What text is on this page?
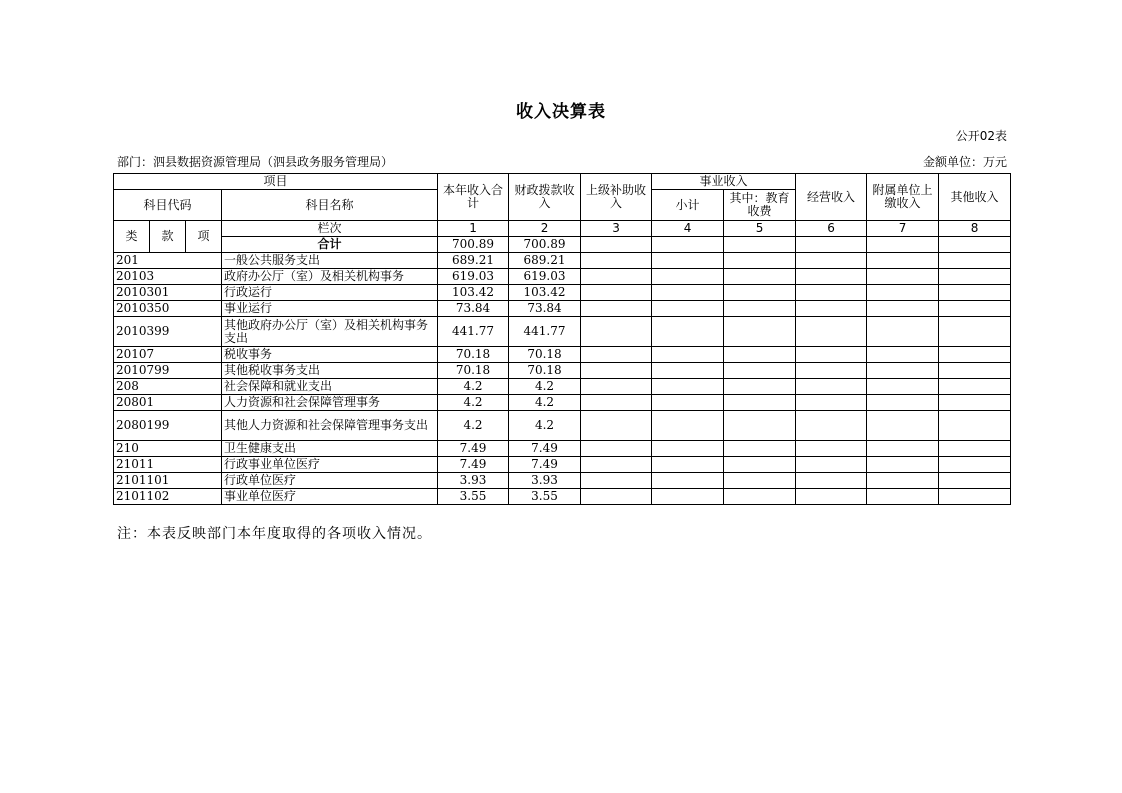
收入决算表
公开02表
部门：泗县数据资源管理局（泗县政务服务管理局）	金额单位：万元
项目				本年收入合计	财政拨款收入	上级补助收入	事业收入		经营收入	附属单位上缴收入	其他收入
科目代码			科目名称				小计	其中：教育收费			
类	款	项	栏次	1	2	3	4	5	6	7	8
			合计	700.89	700.89						
201			一般公共服务支出	689.21	689.21						
20103			政府办公厅（室）及相关机构事务	619.03	619.03						
2010301			行政运行	103.42	103.42						
2010350			事业运行	73.84	73.84						
2010399			其他政府办公厅（室）及相关机构事务支出	441.77	441.77						
20107			税收事务	70.18	70.18						
2010799			其他税收事务支出	70.18	70.18						
208			社会保障和就业支出	4.2	4.2						
20801			人力资源和社会保障管理事务	4.2	4.2						
2080199			其他人力资源和社会保障管理事务支出	4.2	4.2						
210			卫生健康支出	7.49	7.49						
21011			行政事业单位医疗	7.49	7.49						
2101101			行政单位医疗	3.93	3.93						
2101102			事业单位医疗	3.55	3.55						
注：本表反映部门本年度取得的各项收入情况。
